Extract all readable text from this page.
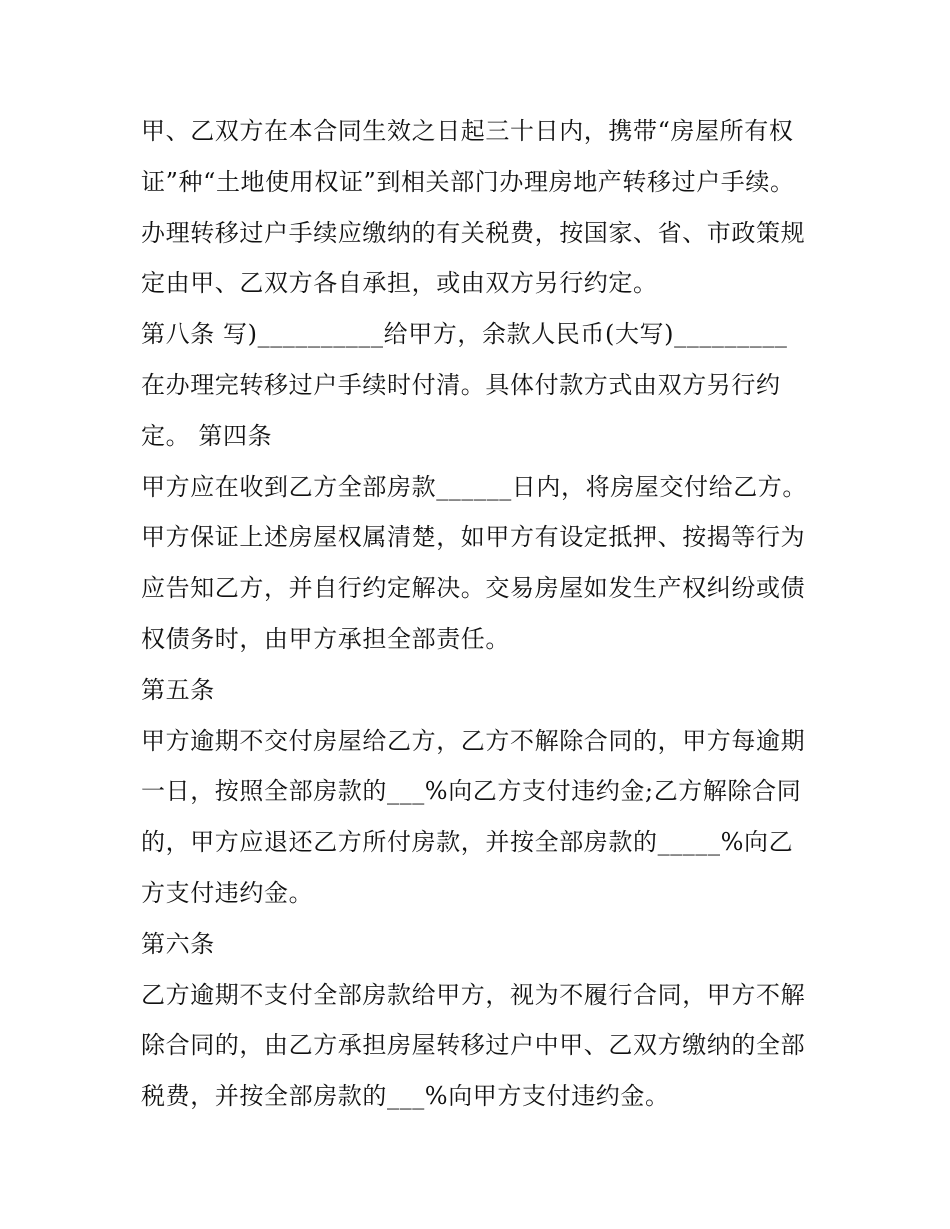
甲、乙双方在本合同生效之日起三十日内，携带“房屋所有权
证”种“土地使用权证”到相关部门办理房地产转移过户手续。
办理转移过户手续应缴纳的有关税费，按国家、省、市政策规
定由甲、乙双方各自承担，或由双方另行约定。
第八条 写)__________给甲方，余款人民币(大写)_________
在办理完转移过户手续时付清。具体付款方式由双方另行约
定。 第四条
甲方应在收到乙方全部房款______日内，将房屋交付给乙方。
甲方保证上述房屋权属清楚，如甲方有设定抵押、按揭等行为
应告知乙方，并自行约定解决。交易房屋如发生产权纠纷或债
权债务时，由甲方承担全部责任。
第五条
甲方逾期不交付房屋给乙方，乙方不解除合同的，甲方每逾期
一日，按照全部房款的___%向乙方支付违约金;乙方解除合同
的，甲方应退还乙方所付房款，并按全部房款的_____%向乙
方支付违约金。
第六条
乙方逾期不支付全部房款给甲方，视为不履行合同，甲方不解
除合同的，由乙方承担房屋转移过户中甲、乙双方缴纳的全部
税费，并按全部房款的___%向甲方支付违约金。
